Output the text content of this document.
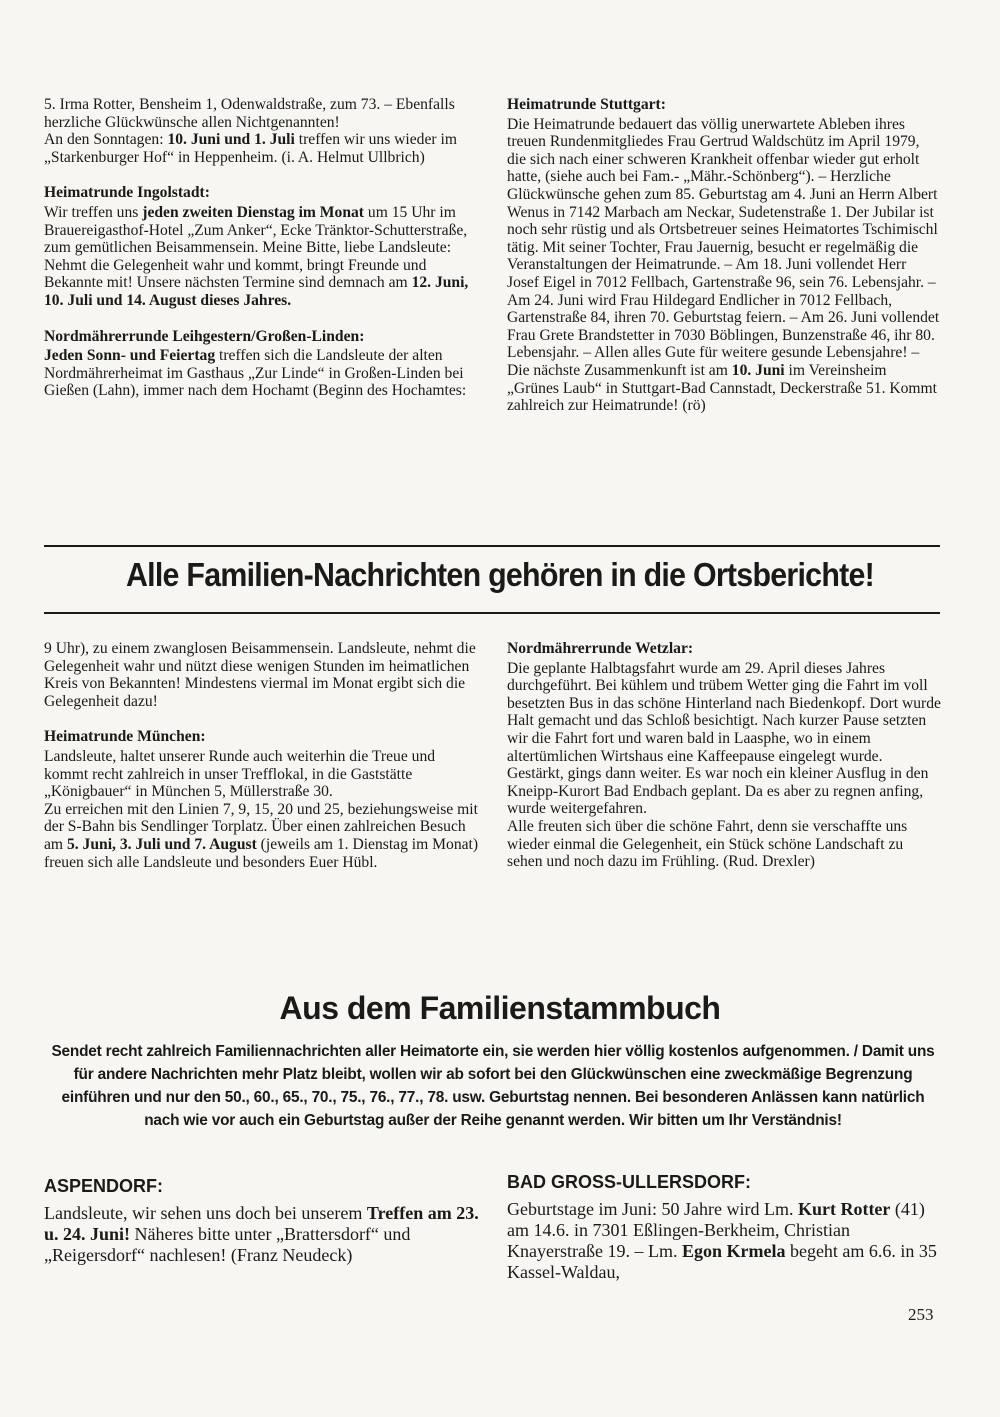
5. Irma Rotter, Bensheim 1, Odenwaldstraße, zum 73. – Ebenfalls herzliche Glückwünsche allen Nichtgenannten!

An den Sonntagen: 10. Juni und 1. Juli treffen wir uns wieder im „Starkenburger Hof“ in Heppenheim. (i. A. Helmut Ullbrich)

Heimatrunde Ingolstadt:

Wir treffen uns jeden zweiten Dienstag im Monat um 15 Uhr im Brauereigasthof-Hotel „Zum Anker“, Ecke Tränktor-Schutterstraße, zum gemütlichen Beisammensein. Meine Bitte, liebe Landsleute: Nehmt die Gelegenheit wahr und kommt, bringt Freunde und Bekannte mit! Unsere nächsten Termine sind demnach am 12. Juni, 10. Juli und 14. August dieses Jahres.

Nordmährerrunde Leihgestern/Großen-Linden:

Jeden Sonn- und Feiertag treffen sich die Landsleute der alten Nordmährerheimat im Gasthaus „Zur Linde“ in Großen-Linden bei Gießen (Lahn), immer nach dem Hochamt (Beginn des Hochamtes:

Heimatrunde Stuttgart:

Die Heimatrunde bedauert das völlig unerwartete Ableben ihres treuen Rundenmitgliedes Frau Gertrud Waldschütz im April 1979, die sich nach einer schweren Krankheit offenbar wieder gut erholt hatte, (siehe auch bei Fam.- „Mähr.-Schönberg“). – Herzliche Glückwünsche gehen zum 85. Geburtstag am 4. Juni an Herrn Albert Wenus in 7142 Marbach am Neckar, Sudetenstraße 1. Der Jubilar ist noch sehr rüstig und als Ortsbetreuer seines Heimatortes Tschimischl tätig. Mit seiner Tochter, Frau Jauernig, besucht er regelmäßig die Veranstaltungen der Heimatrunde. – Am 18. Juni vollendet Herr Josef Eigel in 7012 Fellbach, Gartenstraße 96, sein 76. Lebensjahr. – Am 24. Juni wird Frau Hildegard Endlicher in 7012 Fellbach, Gartenstraße 84, ihren 70. Geburtstag feiern. – Am 26. Juni vollendet Frau Grete Brandstetter in 7030 Böblingen, Bunzenstraße 46, ihr 80. Lebensjahr. – Allen alles Gute für weitere gesunde Lebensjahre! – Die nächste Zusammenkunft ist am 10. Juni im Vereinsheim „Grünes Laub“ in Stuttgart-Bad Cannstadt, Deckerstraße 51. Kommt zahlreich zur Heimatrunde! (rö)

Alle Familien-Nachrichten gehören in die Ortsberichte!

9 Uhr), zu einem zwanglosen Beisammensein. Landsleute, nehmt die Gelegenheit wahr und nützt diese wenigen Stunden im heimatlichen Kreis von Bekannten! Mindestens viermal im Monat ergibt sich die Gelegenheit dazu!

Heimatrunde München:

Landsleute, haltet unserer Runde auch weiterhin die Treue und kommt recht zahlreich in unser Trefflokal, in die Gaststätte „Königbauer“ in München 5, Müllerstraße 30.

Zu erreichen mit den Linien 7, 9, 15, 20 und 25, beziehungsweise mit der S-Bahn bis Sendlinger Torplatz. Über einen zahlreichen Besuch am 5. Juni, 3. Juli und 7. August (jeweils am 1. Dienstag im Monat) freuen sich alle Landsleute und besonders Euer Hübl.

Nordmährerrunde Wetzlar:

Die geplante Halbtagsfahrt wurde am 29. April dieses Jahres durchgeführt. Bei kühlem und trübem Wetter ging die Fahrt im voll besetzten Bus in das schöne Hinterland nach Biedenkopf. Dort wurde Halt gemacht und das Schloß besichtigt. Nach kurzer Pause setzten wir die Fahrt fort und waren bald in Laasphe, wo in einem altertümlichen Wirtshaus eine Kaffeepause eingelegt wurde. Gestärkt, gings dann weiter. Es war noch ein kleiner Ausflug in den Kneipp-Kurort Bad Endbach geplant. Da es aber zu regnen anfing, wurde weitergefahren.

Alle freuten sich über die schöne Fahrt, denn sie verschaffte uns wieder einmal die Gelegenheit, ein Stück schöne Landschaft zu sehen und noch dazu im Frühling. (Rud. Drexler)

Aus dem Familienstammbuch
Sendet recht zahlreich Familiennachrichten aller Heimatorte ein, sie werden hier völlig kostenlos aufgenommen. / Damit uns für andere Nachrichten mehr Platz bleibt, wollen wir ab sofort bei den Glückwünschen eine zweckmäßige Begrenzung einführen und nur den 50., 60., 65., 70., 75., 76., 77., 78. usw. Geburtstag nennen. Bei besonderen Anlässen kann natürlich nach wie vor auch ein Geburtstag außer der Reihe genannt werden. Wir bitten um Ihr Verständnis!
ASPENDORF:

Landsleute, wir sehen uns doch bei unserem Treffen am 23. u. 24. Juni! Näheres bitte unter „Brattersdorf“ und „Reigersdorf“ nachlesen! (Franz Neudeck)

BAD GROSS-ULLERSDORF:

Geburtstage im Juni: 50 Jahre wird Lm. Kurt Rotter (41) am 14.6. in 7301 Eßlingen-Berkheim, Christian Knayerstraße 19. – Lm. Egon Krmela begeht am 6.6. in 35 Kassel-Waldau,

253
